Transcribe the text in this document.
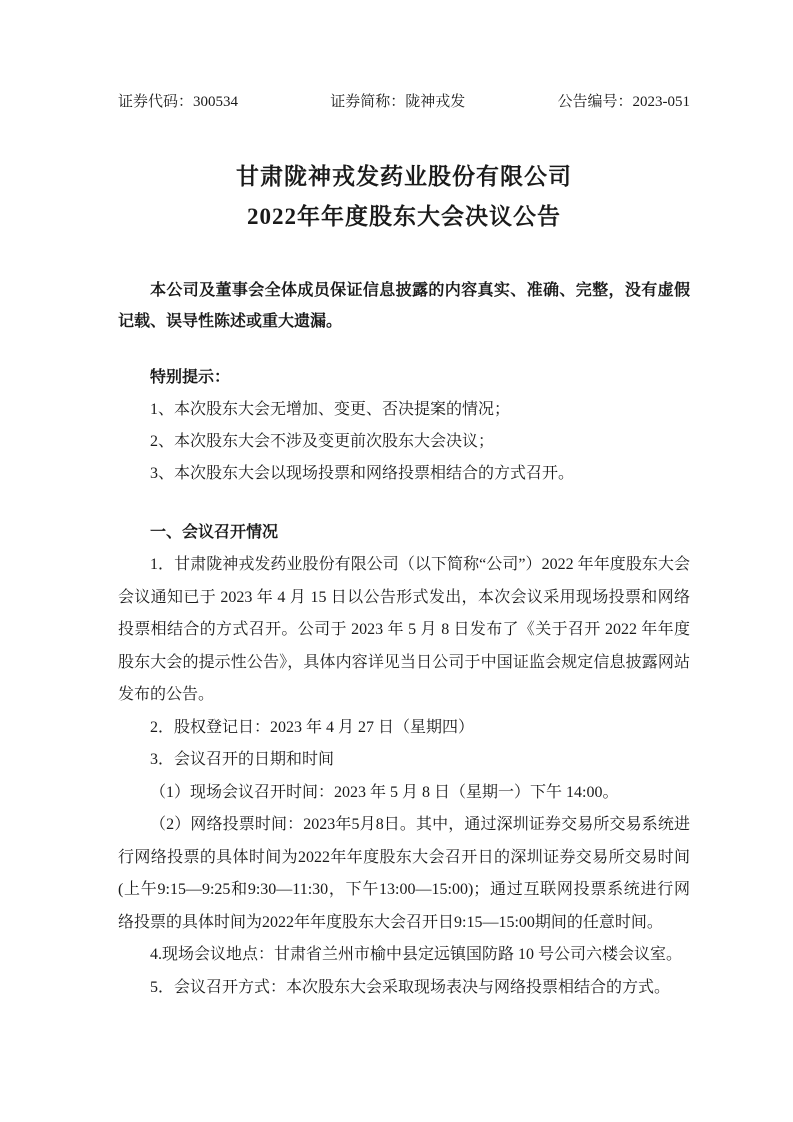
证券代码：300534	证券简称：陇神戎发	公告编号：2023-051
甘肃陇神戎发药业股份有限公司
2022年年度股东大会决议公告

本公司及董事会全体成员保证信息披露的内容真实、准确、完整，没有虚假记载、误导性陈述或重大遗漏。

特别提示：

1、本次股东大会无增加、变更、否决提案的情况；

2、本次股东大会不涉及变更前次股东大会决议；

3、本次股东大会以现场投票和网络投票相结合的方式召开。

一、会议召开情况

1．甘肃陇神戎发药业股份有限公司（以下简称“公司”）2022 年年度股东大会会议通知已于 2023 年 4 月 15 日以公告形式发出，本次会议采用现场投票和网络投票相结合的方式召开。公司于 2023 年 5 月 8 日发布了《关于召开 2022 年年度股东大会的提示性公告》，具体内容详见当日公司于中国证监会规定信息披露网站发布的公告。

2．股权登记日：2023 年 4 月 27 日（星期四）

3．会议召开的日期和时间

（1）现场会议召开时间：2023 年 5 月 8 日（星期一）下午 14:00。

（2）网络投票时间：2023年5月8日。其中，通过深圳证券交易所交易系统进行网络投票的具体时间为2022年年度股东大会召开日的深圳证券交易所交易时间(上午9:15—9:25和9:30—11:30，下午13:00—15:00)；通过互联网投票系统进行网络投票的具体时间为2022年年度股东大会召开日9:15—15:00期间的任意时间。

4.现场会议地点：甘肃省兰州市榆中县定远镇国防路 10 号公司六楼会议室。

5．会议召开方式：本次股东大会采取现场表决与网络投票相结合的方式。
